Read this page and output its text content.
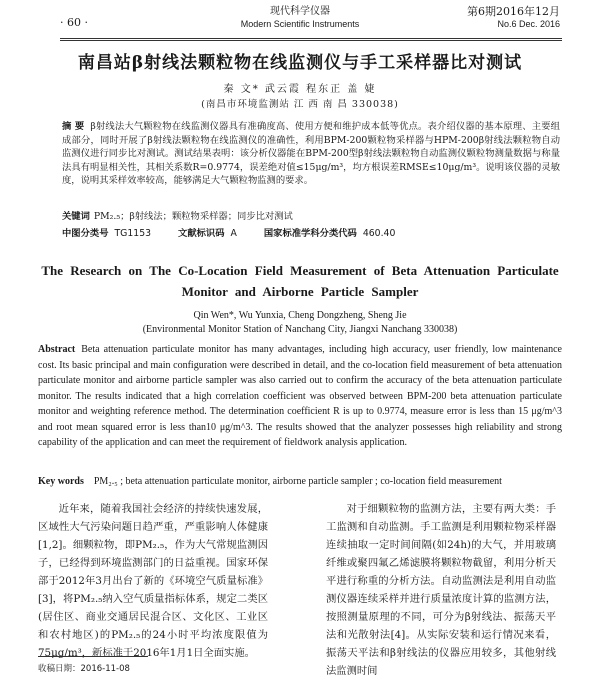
· 60 ·
现代科学仪器
Modern Scientific Instruments
第6期2016年12月
No.6 Dec. 2016
南昌站β射线法颗粒物在线监测仪与手工采样器比对测试
秦 文* 武云霞 程东正 盖 婕
(南昌市环境监测站 江 西 南 昌 330038)
摘 要 β射线法大气颗粒物在线监测仪器具有准确度高、使用方便和维护成本低等优点。表介绍仪器的基本原理、主要组成部分，同时开展了β射线法颗粒物在线监测仪的准确性，利用BPM-200颗粒物采样器与HPM-200β射线法颗粒物自动监测仪进行同步比对测试。测试结果表明：该分析仪器能在BPM-200型β射线法颗粒物自动监测仪颗粒物测量数据与称量法具有明显相关性，其相关系数R=0.9774，误差绝对值≤15μg/m³，均方根误差RMSE≤10μg/m³。说明该仪器的灵敏度，说明其采样效率较高，能够满足大气颗粒物监测的要求。
关键词 PM₂.₅；β射线法；颗粒物采样器；同步比对测试
中图分类号 TG1153	文献标识码 A	国家标准学科分类代码 460.40
The Research on The Co-Location Field Measurement of Beta Attenuation Particulate Monitor and Airborne Particle Sampler
Qin Wen*, Wu Yunxia, Cheng Dongzheng, Sheng Jie
(Environmental Monitor Station of Nanchang City, Jiangxi Nanchang 330038)
Abstract Beta attenuation particulate monitor has many advantages, including high accuracy, user friendly, low maintenance cost. Its basic principal and main configuration were described in detail, and the co-location field measurement of beta attenuation particulate monitor and airborne particle sampler was also carried out to confirm the accuracy of the beta attenuation particulate monitor. The results indicated that a high correlation coefficient was observed between BPM-200 beta attenuation particulate monitor and weighting reference method. The determination coefficient R is up to 0.9774, measure error is less than 15 μg/m^3 and root mean squared error is less than10 μg/m^3. The results showed that the analyzer possesses high reliability and strong capability of the application and can meet the requirement of fieldwork analysis application.
Key words PM₂.₅ ; beta attenuation particulate monitor, airborne particle sampler ; co-location field measurement

近年来，随着我国社会经济的持续快速发展，区域性大气污染问题日趋严重，严重影响人体健康[1,2]。细颗粒物，即PM₂.₅，作为大气常规监测因子，已经得到环境监测部门的日益重视。国家环保部于2012年3月出台了新的《环境空气质量标准》[3]，将PM₂.₅纳入空气质量指标体系，规定二类区(居住区、商业交通居民混合区、文化区、工业区和农村地区)的PM₂.₅的24小时平均浓度限值为75μg/m³，新标准于2016年1月1日全面实施。

对于细颗粒物的监测方法，主要有两大类：手工监测和自动监测。手工监测是利用颗粒物采样器连续抽取一定时间间隔(如24h)的大气，并用玻璃纤维或聚四氟乙烯滤膜将颗粒物截留，利用分析天平进行称重的分析方法。自动监测法是利用自动监测仪器连续采样并进行质量浓度计算的监测方法，按照测量原理的不同，可分为β射线法、振荡天平法和光散射法[4]。从实际安装和运行情况来看，振荡天平法和β射线法的仪器应用较多，其他射线法监测时间

收稿日期：2016-11-08
